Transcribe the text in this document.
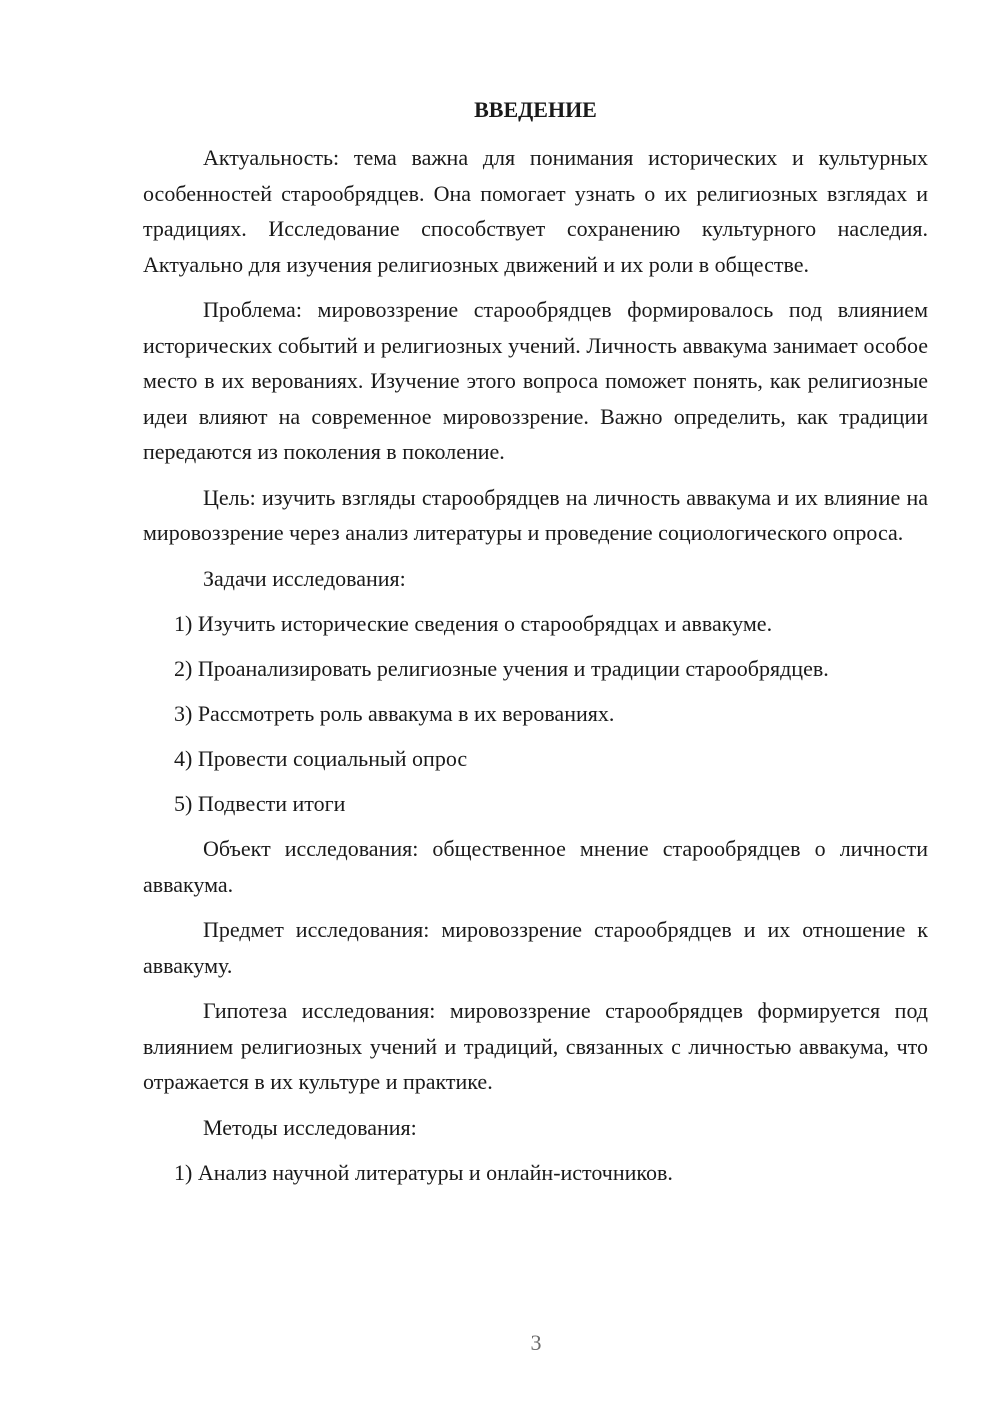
ВВЕДЕНИЕ

Актуальность: тема важна для понимания исторических и культурных особенностей старообрядцев. Она помогает узнать о их религиозных взглядах и традициях. Исследование способствует сохранению культурного наследия. Актуально для изучения религиозных движений и их роли в обществе.

Проблема: мировоззрение старообрядцев формировалось под влиянием исторических событий и религиозных учений. Личность аввакума занимает особое место в их верованиях. Изучение этого вопроса поможет понять, как религиозные идеи влияют на современное мировоззрение. Важно определить, как традиции передаются из поколения в поколение.

Цель: изучить взгляды старообрядцев на личность аввакума и их влияние на мировоззрение через анализ литературы и проведение социологического опроса.

Задачи исследования:
1) Изучить исторические сведения о старообрядцах и аввакуме.
2) Проанализировать религиозные учения и традиции старообрядцев.
3) Рассмотреть роль аввакума в их верованиях.
4) Провести социальный опрос
5) Подвести итоги

Объект исследования: общественное мнение старообрядцев о личности аввакума.

Предмет исследования: мировоззрение старообрядцев и их отношение к аввакуму.

Гипотеза исследования: мировоззрение старообрядцев формируется под влиянием религиозных учений и традиций, связанных с личностью аввакума, что отражается в их культуре и практике.

Методы исследования:
1) Анализ научной литературы и онлайн-источников.
3
